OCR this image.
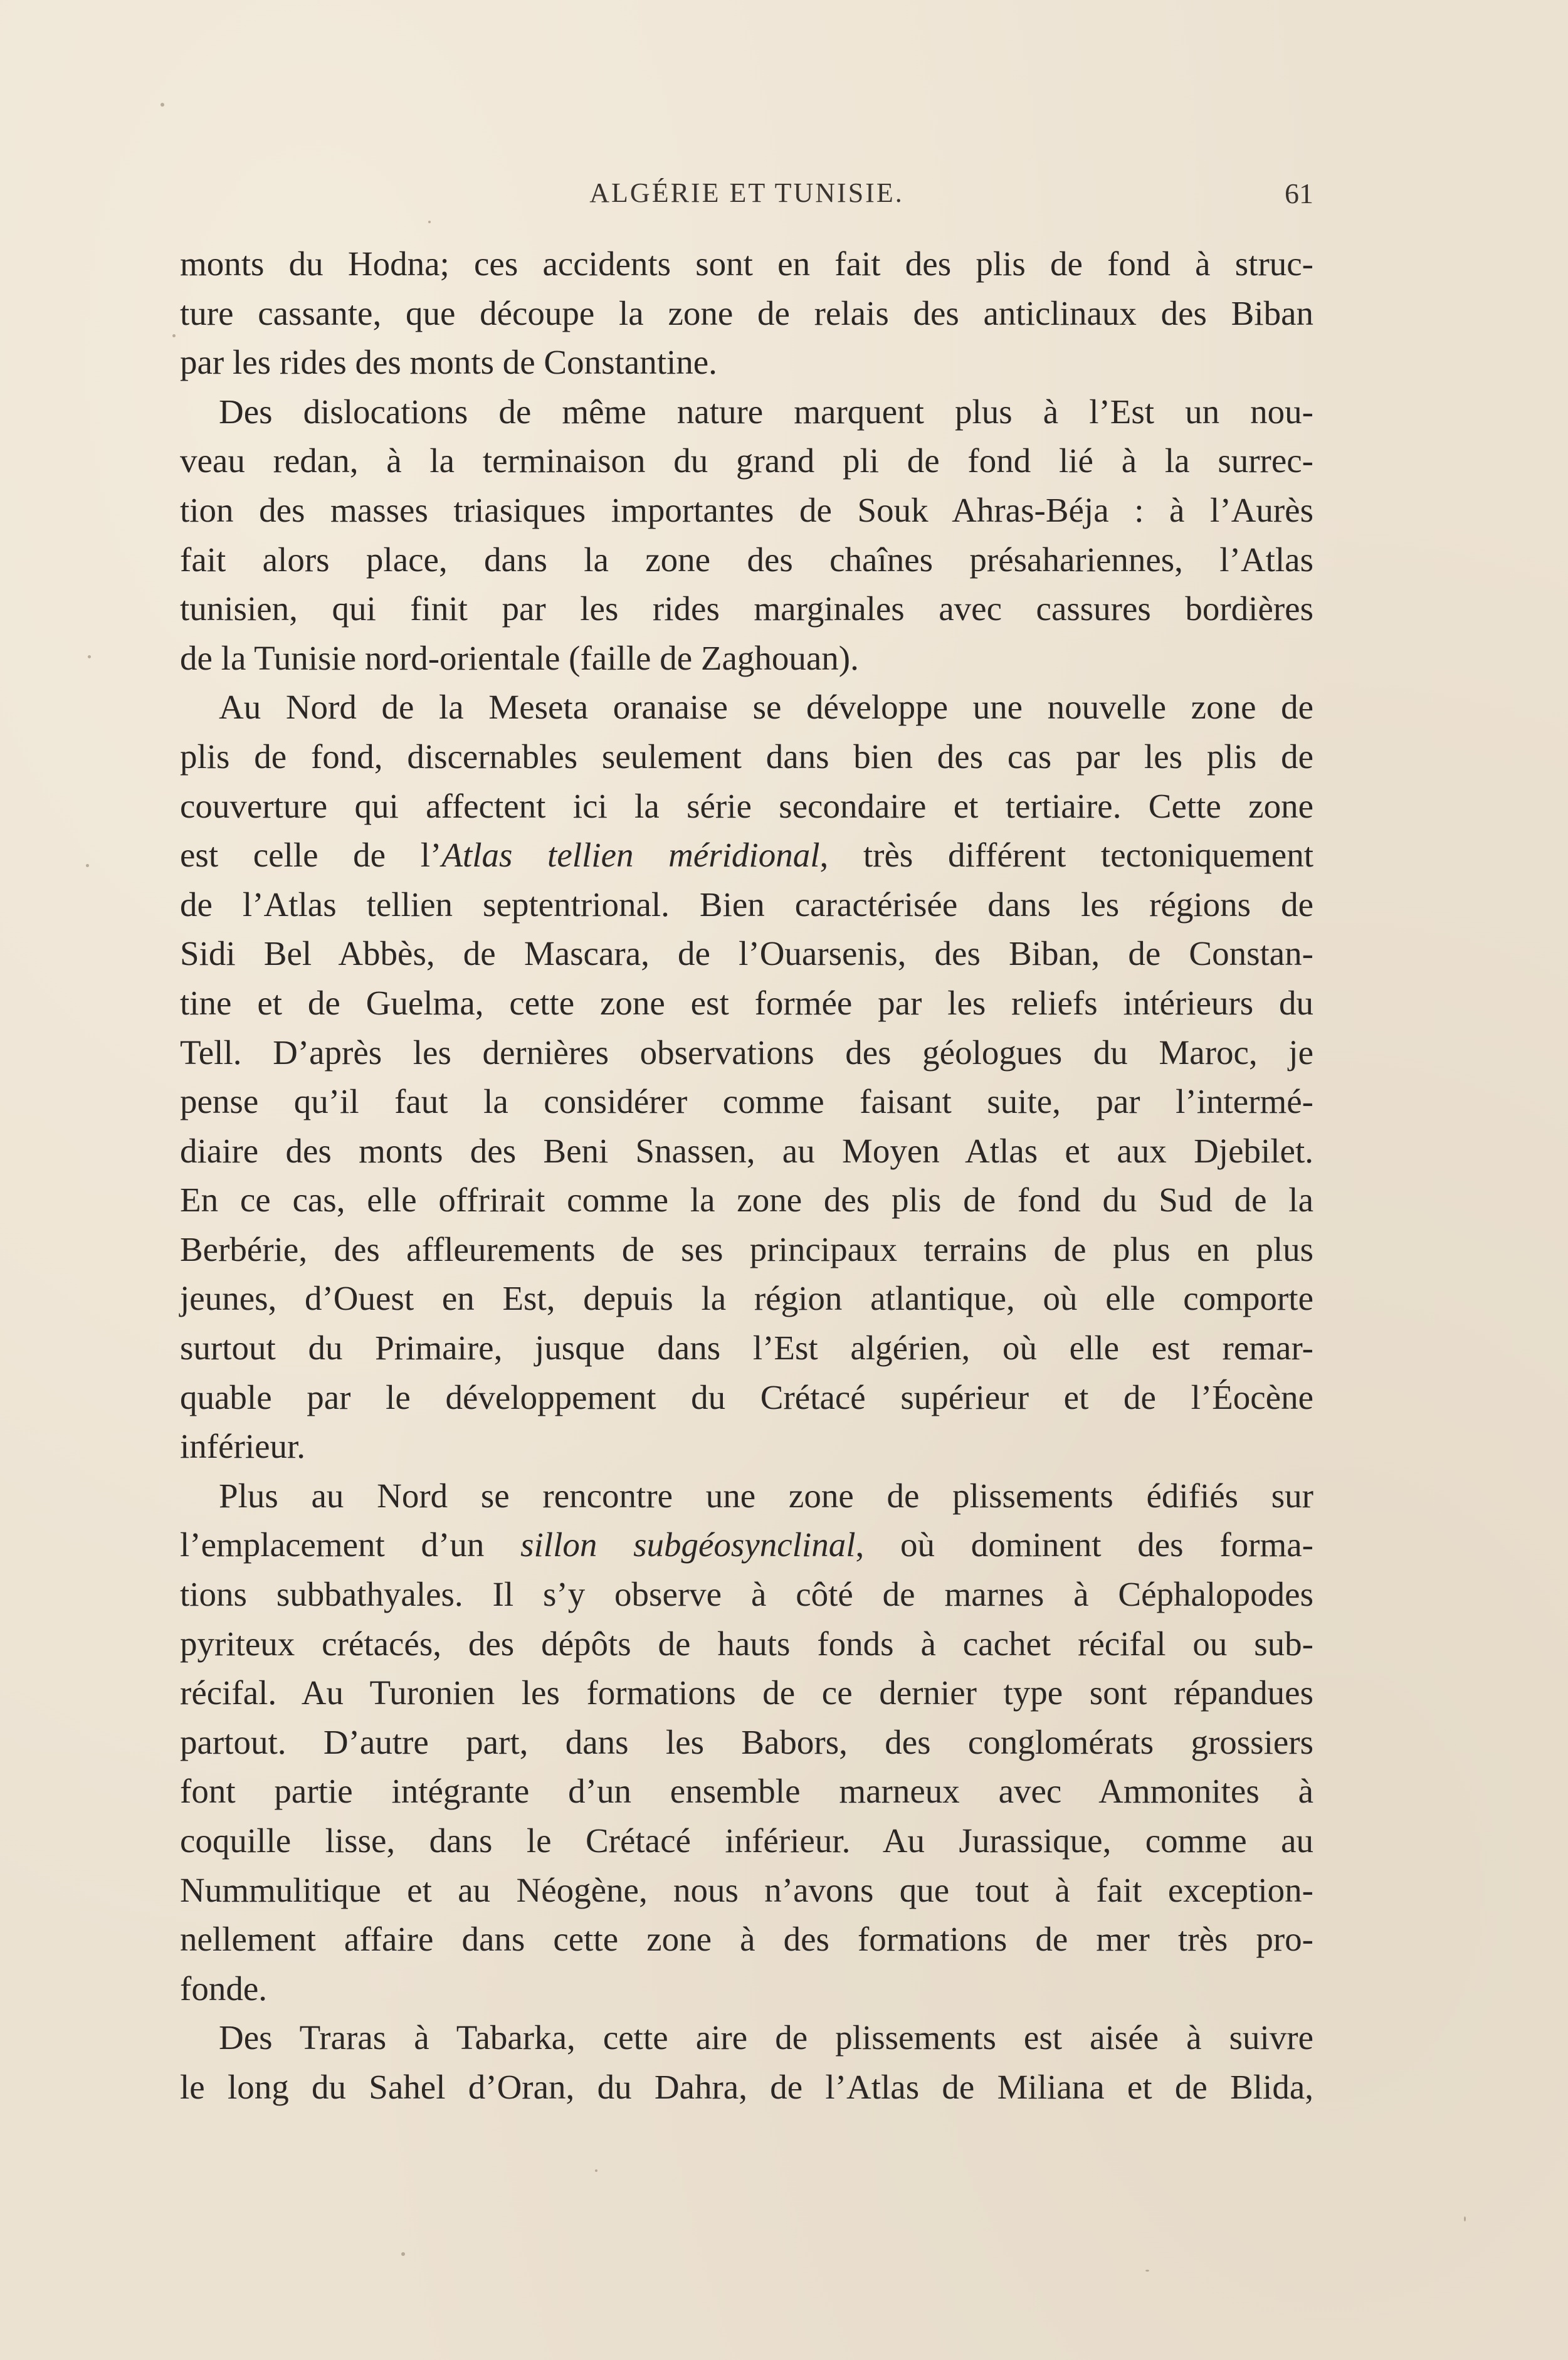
ALGÉRIE ET TUNISIE.	61
monts du Hodna; ces accidents sont en fait des plis de fond à struc-
ture cassante, que découpe la zone de relais des anticlinaux des Biban
par les rides des monts de Constantine.
Des dislocations de même nature marquent plus à l’Est un nou-
veau redan, à la terminaison du grand pli de fond lié à la surrec-
tion des masses triasiques importantes de Souk Ahras-Béja : à l’Aurès
fait alors place, dans la zone des chaînes présahariennes, l’Atlas
tunisien, qui finit par les rides marginales avec cassures bordières
de la Tunisie nord-orientale (faille de Zaghouan).
Au Nord de la Meseta oranaise se développe une nouvelle zone de
plis de fond, discernables seulement dans bien des cas par les plis de
couverture qui affectent ici la série secondaire et tertiaire. Cette zone
est celle de l’Atlas tellien méridional, très différent tectoniquement
de l’Atlas tellien septentrional. Bien caractérisée dans les régions de
Sidi Bel Abbès, de Mascara, de l’Ouarsenis, des Biban, de Constan-
tine et de Guelma, cette zone est formée par les reliefs intérieurs du
Tell. D’après les dernières observations des géologues du Maroc, je
pense qu’il faut la considérer comme faisant suite, par l’intermé-
diaire des monts des Beni Snassen, au Moyen Atlas et aux Djebilet.
En ce cas, elle offrirait comme la zone des plis de fond du Sud de la
Berbérie, des affleurements de ses principaux terrains de plus en plus
jeunes, d’Ouest en Est, depuis la région atlantique, où elle comporte
surtout du Primaire, jusque dans l’Est algérien, où elle est remar-
quable par le développement du Crétacé supérieur et de l’Éocène
inférieur.
Plus au Nord se rencontre une zone de plissements édifiés sur
l’emplacement d’un sillon subgéosynclinal, où dominent des forma-
tions subbathyales. Il s’y observe à côté de marnes à Céphalopodes
pyriteux crétacés, des dépôts de hauts fonds à cachet récifal ou sub-
récifal. Au Turonien les formations de ce dernier type sont répandues
partout. D’autre part, dans les Babors, des conglomérats grossiers
font partie intégrante d’un ensemble marneux avec Ammonites à
coquille lisse, dans le Crétacé inférieur. Au Jurassique, comme au
Nummulitique et au Néogène, nous n’avons que tout à fait exception-
nellement affaire dans cette zone à des formations de mer très pro-
fonde.
Des Traras à Tabarka, cette aire de plissements est aisée à suivre
le long du Sahel d’Oran, du Dahra, de l’Atlas de Miliana et de Blida,
